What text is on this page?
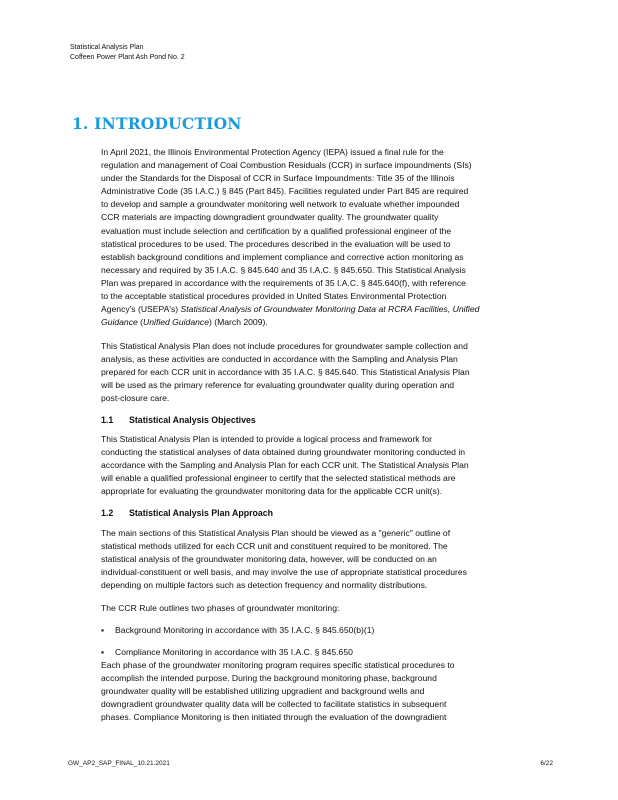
Statistical Analysis Plan
Coffeen Power Plant Ash Pond No. 2
1. INTRODUCTION
In April 2021, the Illinois Environmental Protection Agency (IEPA) issued a final rule for the
regulation and management of Coal Combustion Residuals (CCR) in surface impoundments (SIs)
under the Standards for the Disposal of CCR in Surface Impoundments: Title 35 of the Illinois
Administrative Code (35 I.A.C.) § 845 (Part 845). Facilities regulated under Part 845 are required
to develop and sample a groundwater monitoring well network to evaluate whether impounded
CCR materials are impacting downgradient groundwater quality. The groundwater quality
evaluation must include selection and certification by a qualified professional engineer of the
statistical procedures to be used. The procedures described in the evaluation will be used to
establish background conditions and implement compliance and corrective action monitoring as
necessary and required by 35 I.A.C. § 845.640 and 35 I.A.C. § 845.650. This Statistical Analysis
Plan was prepared in accordance with the requirements of 35 I.A.C. § 845.640(f), with reference
to the acceptable statistical procedures provided in United States Environmental Protection
Agency's (USEPA's) Statistical Analysis of Groundwater Monitoring Data at RCRA Facilities, Unified
Guidance (Unified Guidance) (March 2009).
This Statistical Analysis Plan does not include procedures for groundwater sample collection and
analysis, as these activities are conducted in accordance with the Sampling and Analysis Plan
prepared for each CCR unit in accordance with 35 I.A.C. § 845.640. This Statistical Analysis Plan
will be used as the primary reference for evaluating groundwater quality during operation and
post-closure care.
1.1 Statistical Analysis Objectives
This Statistical Analysis Plan is intended to provide a logical process and framework for
conducting the statistical analyses of data obtained during groundwater monitoring conducted in
accordance with the Sampling and Analysis Plan for each CCR unit. The Statistical Analysis Plan
will enable a qualified professional engineer to certify that the selected statistical methods are
appropriate for evaluating the groundwater monitoring data for the applicable CCR unit(s).
1.2 Statistical Analysis Plan Approach
The main sections of this Statistical Analysis Plan should be viewed as a "generic" outline of
statistical methods utilized for each CCR unit and constituent required to be monitored. The
statistical analysis of the groundwater monitoring data, however, will be conducted on an
individual-constituent or well basis, and may involve the use of appropriate statistical procedures
depending on multiple factors such as detection frequency and normality distributions.
The CCR Rule outlines two phases of groundwater monitoring:
▪ Background Monitoring in accordance with 35 I.A.C. § 845.650(b)(1)
▪ Compliance Monitoring in accordance with 35 I.A.C. § 845.650
Each phase of the groundwater monitoring program requires specific statistical procedures to
accomplish the intended purpose. During the background monitoring phase, background
groundwater quality will be established utilizing upgradient and background wells and
downgradient groundwater quality data will be collected to facilitate statistics in subsequent
phases. Compliance Monitoring is then initiated through the evaluation of the downgradient
GW_AP2_SAP_FINAL_10.21.2021	6/22
